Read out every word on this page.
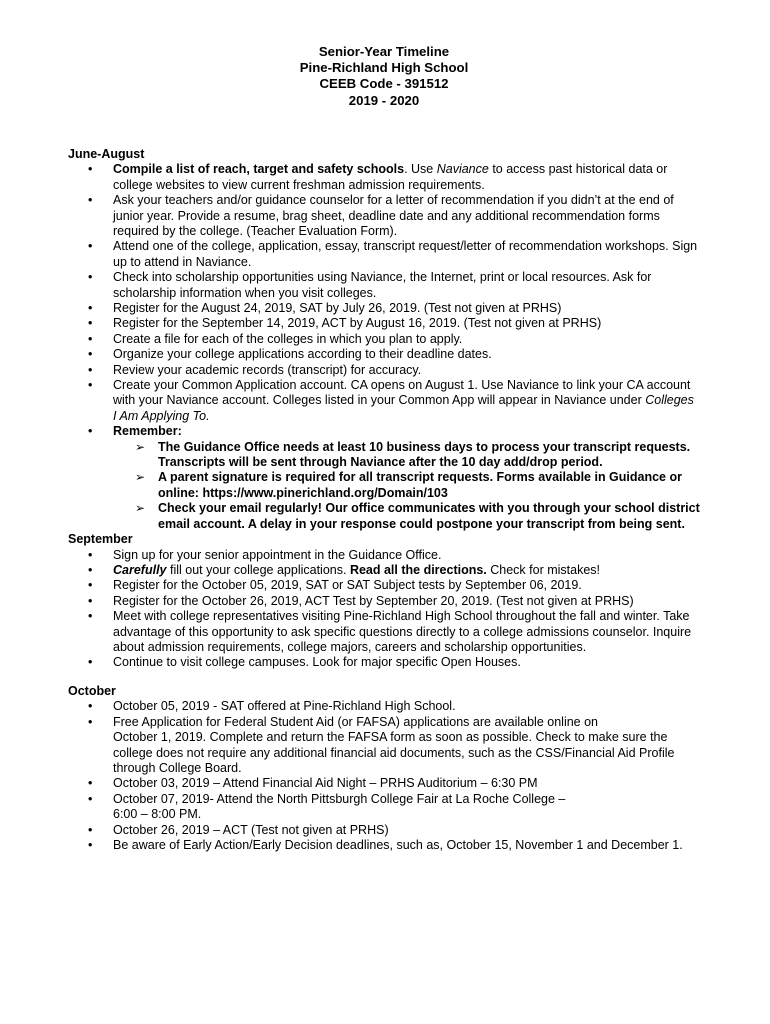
Senior-Year Timeline
Pine-Richland High School
CEEB Code - 391512
2019 - 2020
June-August
• Compile a list of reach, target and safety schools. Use Naviance to access past historical data or college websites to view current freshman admission requirements.
• Ask your teachers and/or guidance counselor for a letter of recommendation if you didn’t at the end of junior year. Provide a resume, brag sheet, deadline date and any additional recommendation forms required by the college. (Teacher Evaluation Form).
• Attend one of the college, application, essay, transcript request/letter of recommendation workshops. Sign up to attend in Naviance.
• Check into scholarship opportunities using Naviance, the Internet, print or local resources. Ask for scholarship information when you visit colleges.
• Register for the August 24, 2019, SAT by July 26, 2019. (Test not given at PRHS)
• Register for the September 14, 2019, ACT by August 16, 2019. (Test not given at PRHS)
• Create a file for each of the colleges in which you plan to apply.
• Organize your college applications according to their deadline dates.
• Review your academic records (transcript) for accuracy.
• Create your Common Application account. CA opens on August 1. Use Naviance to link your CA account with your Naviance account. Colleges listed in your Common App will appear in Naviance under Colleges I Am Applying To.
• Remember:
➢ The Guidance Office needs at least 10 business days to process your transcript requests. Transcripts will be sent through Naviance after the 10 day add/drop period.
➢ A parent signature is required for all transcript requests. Forms available in Guidance or online: https://www.pinerichland.org/Domain/103
➢ Check your email regularly! Our office communicates with you through your school district email account. A delay in your response could postpone your transcript from being sent.
September
• Sign up for your senior appointment in the Guidance Office.
• Carefully fill out your college applications. Read all the directions. Check for mistakes!
• Register for the October 05, 2019, SAT or SAT Subject tests by September 06, 2019.
• Register for the October 26, 2019, ACT Test by September 20, 2019. (Test not given at PRHS)
• Meet with college representatives visiting Pine-Richland High School throughout the fall and winter. Take advantage of this opportunity to ask specific questions directly to a college admissions counselor. Inquire about admission requirements, college majors, careers and scholarship opportunities.
• Continue to visit college campuses. Look for major specific Open Houses.
October
• October 05, 2019 - SAT offered at Pine-Richland High School.
• Free Application for Federal Student Aid (or FAFSA) applications are available online on
October 1, 2019. Complete and return the FAFSA form as soon as possible. Check to make sure the college does not require any additional financial aid documents, such as the CSS/Financial Aid Profile through College Board.
• October 03, 2019 – Attend Financial Aid Night – PRHS Auditorium – 6:30 PM
• October 07, 2019- Attend the North Pittsburgh College Fair at La Roche College –
6:00 – 8:00 PM.
• October 26, 2019 – ACT (Test not given at PRHS)
• Be aware of Early Action/Early Decision deadlines, such as, October 15, November 1 and December 1.
